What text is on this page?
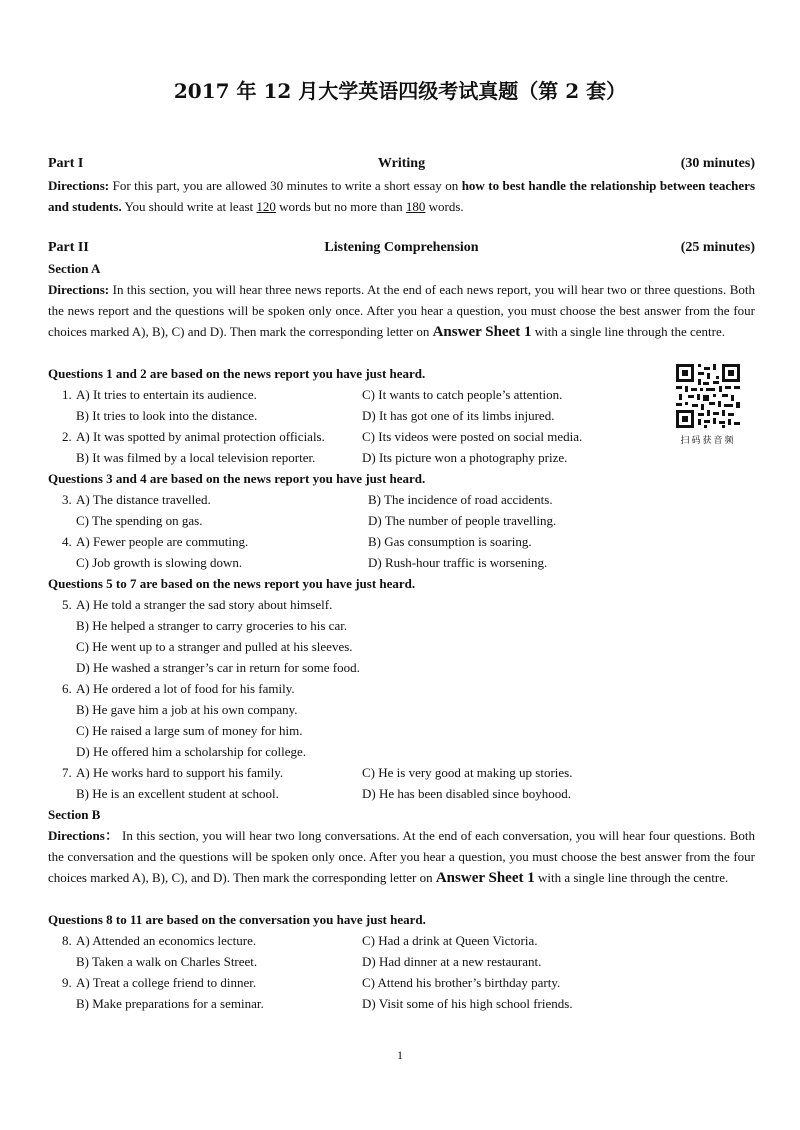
2017 年 12 月大学英语四级考试真题（第 2 套）
Part I	Writing	(30 minutes)
Directions: For this part, you are allowed 30 minutes to write a short essay on how to best handle the relationship between teachers and students. You should write at least 120 words but no more than 180 words.
Part II	Listening Comprehension	(25 minutes)
Section A
Directions: In this section, you will hear three news reports. At the end of each news report, you will hear two or three questions. Both the news report and the questions will be spoken only once. After you hear a question, you must choose the best answer from the four choices marked A), B), C) and D). Then mark the corresponding letter on Answer Sheet 1 with a single line through the centre.
Questions 1 and 2 are based on the news report you have just heard.
1. A) It tries to entertain its audience.	C) It wants to catch people’s attention.
B) It tries to look into the distance.	D) It has got one of its limbs injured.
2. A) It was spotted by animal protection officials.	C) Its videos were posted on social media.
B) It was filmed by a local television reporter.	D) Its picture won a photography prize.
Questions 3 and 4 are based on the news report you have just heard.
3. A) The distance travelled.	B) The incidence of road accidents.
C) The spending on gas.	D) The number of people travelling.
4. A) Fewer people are commuting.	B) Gas consumption is soaring.
C) Job growth is slowing down.	D) Rush-hour traffic is worsening.
Questions 5 to 7 are based on the news report you have just heard.
5. A) He told a stranger the sad story about himself.
B) He helped a stranger to carry groceries to his car.
C) He went up to a stranger and pulled at his sleeves.
D) He washed a stranger’s car in return for some food.
6. A) He ordered a lot of food for his family.
B) He gave him a job at his own company.
C) He raised a large sum of money for him.
D) He offered him a scholarship for college.
7. A) He works hard to support his family.	C) He is very good at making up stories.
B) He is an excellent student at school.	D) He has been disabled since boyhood.
Section B
Directions： In this section, you will hear two long conversations. At the end of each conversation, you will hear four questions. Both the conversation and the questions will be spoken only once. After you hear a question, you must choose the best answer from the four choices marked A), B), C), and D). Then mark the corresponding letter on Answer Sheet 1 with a single line through the centre.
Questions 8 to 11 are based on the conversation you have just heard.
8. A) Attended an economics lecture.	C) Had a drink at Queen Victoria.
B) Taken a walk on Charles Street.	D) Had dinner at a new restaurant.
9. A) Treat a college friend to dinner.	C) Attend his brother’s birthday party.
B) Make preparations for a seminar.	D) Visit some of his high school friends.
扫码获音频
1
